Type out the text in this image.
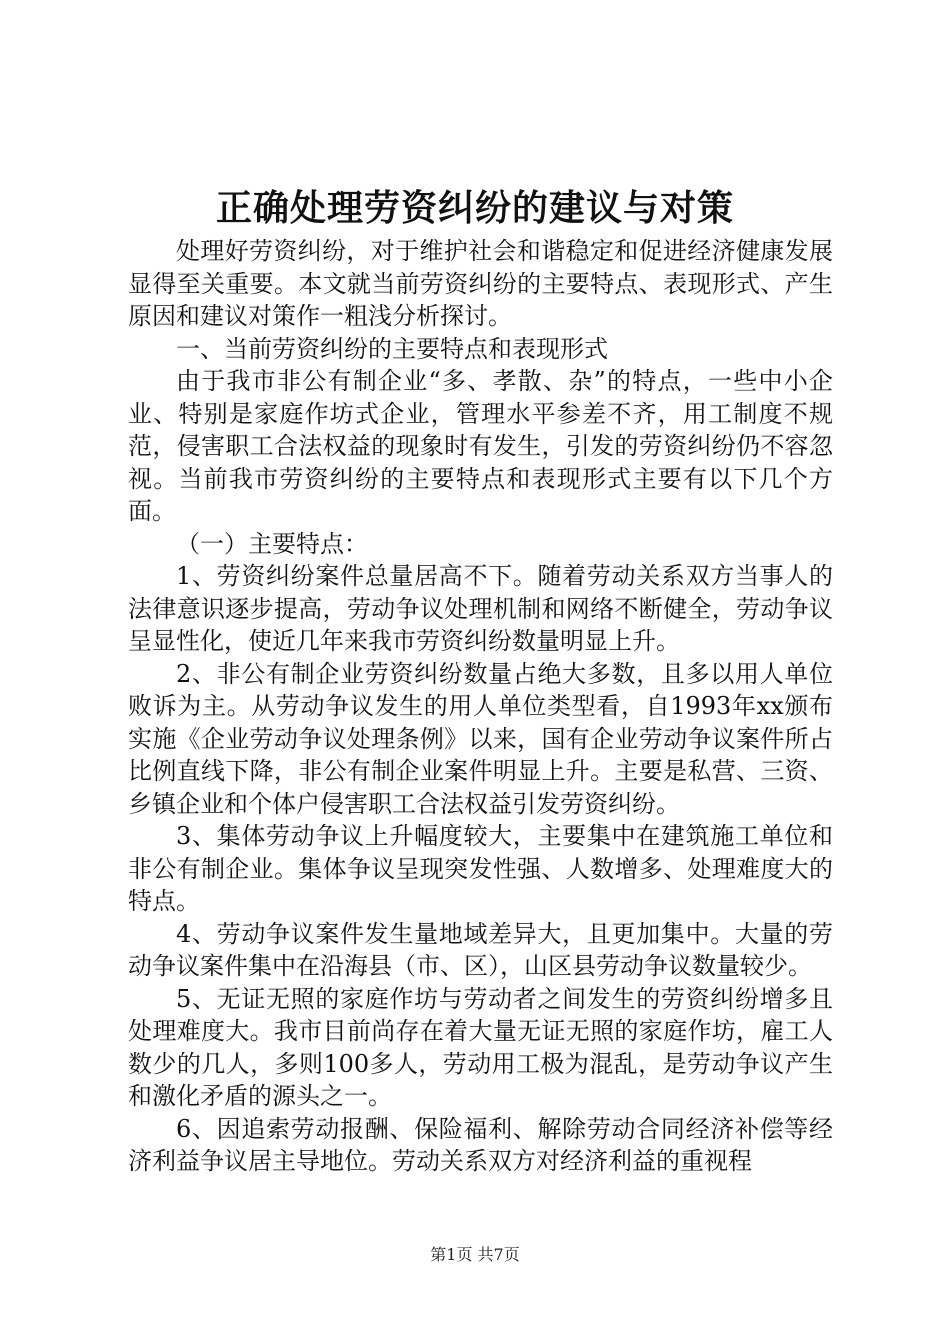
正确处理劳资纠纷的建议与对策

处理好劳资纠纷，对于维护社会和谐稳定和促进经济健康发展显得至关重要。本文就当前劳资纠纷的主要特点、表现形式、产生原因和建议对策作一粗浅分析探讨。

一、当前劳资纠纷的主要特点和表现形式

由于我市非公有制企业“多、孝散、杂”的特点，一些中小企业、特别是家庭作坊式企业，管理水平参差不齐，用工制度不规范，侵害职工合法权益的现象时有发生，引发的劳资纠纷仍不容忽视。当前我市劳资纠纷的主要特点和表现形式主要有以下几个方面。

（一）主要特点：

1、劳资纠纷案件总量居高不下。随着劳动关系双方当事人的法律意识逐步提高，劳动争议处理机制和网络不断健全，劳动争议呈显性化，使近几年来我市劳资纠纷数量明显上升。

2、非公有制企业劳资纠纷数量占绝大多数，且多以用人单位败诉为主。从劳动争议发生的用人单位类型看，自1993年xx颁布实施《企业劳动争议处理条例》以来，国有企业劳动争议案件所占比例直线下降，非公有制企业案件明显上升。主要是私营、三资、乡镇企业和个体户侵害职工合法权益引发劳资纠纷。

3、集体劳动争议上升幅度较大，主要集中在建筑施工单位和非公有制企业。集体争议呈现突发性强、人数增多、处理难度大的特点。

4、劳动争议案件发生量地域差异大，且更加集中。大量的劳动争议案件集中在沿海县（市、区），山区县劳动争议数量较少。

5、无证无照的家庭作坊与劳动者之间发生的劳资纠纷增多且处理难度大。我市目前尚存在着大量无证无照的家庭作坊，雇工人数少的几人，多则100多人，劳动用工极为混乱，是劳动争议产生和激化矛盾的源头之一。

6、因追索劳动报酬、保险福利、解除劳动合同经济补偿等经济利益争议居主导地位。劳动关系双方对经济利益的重视程

第1页 共7页
